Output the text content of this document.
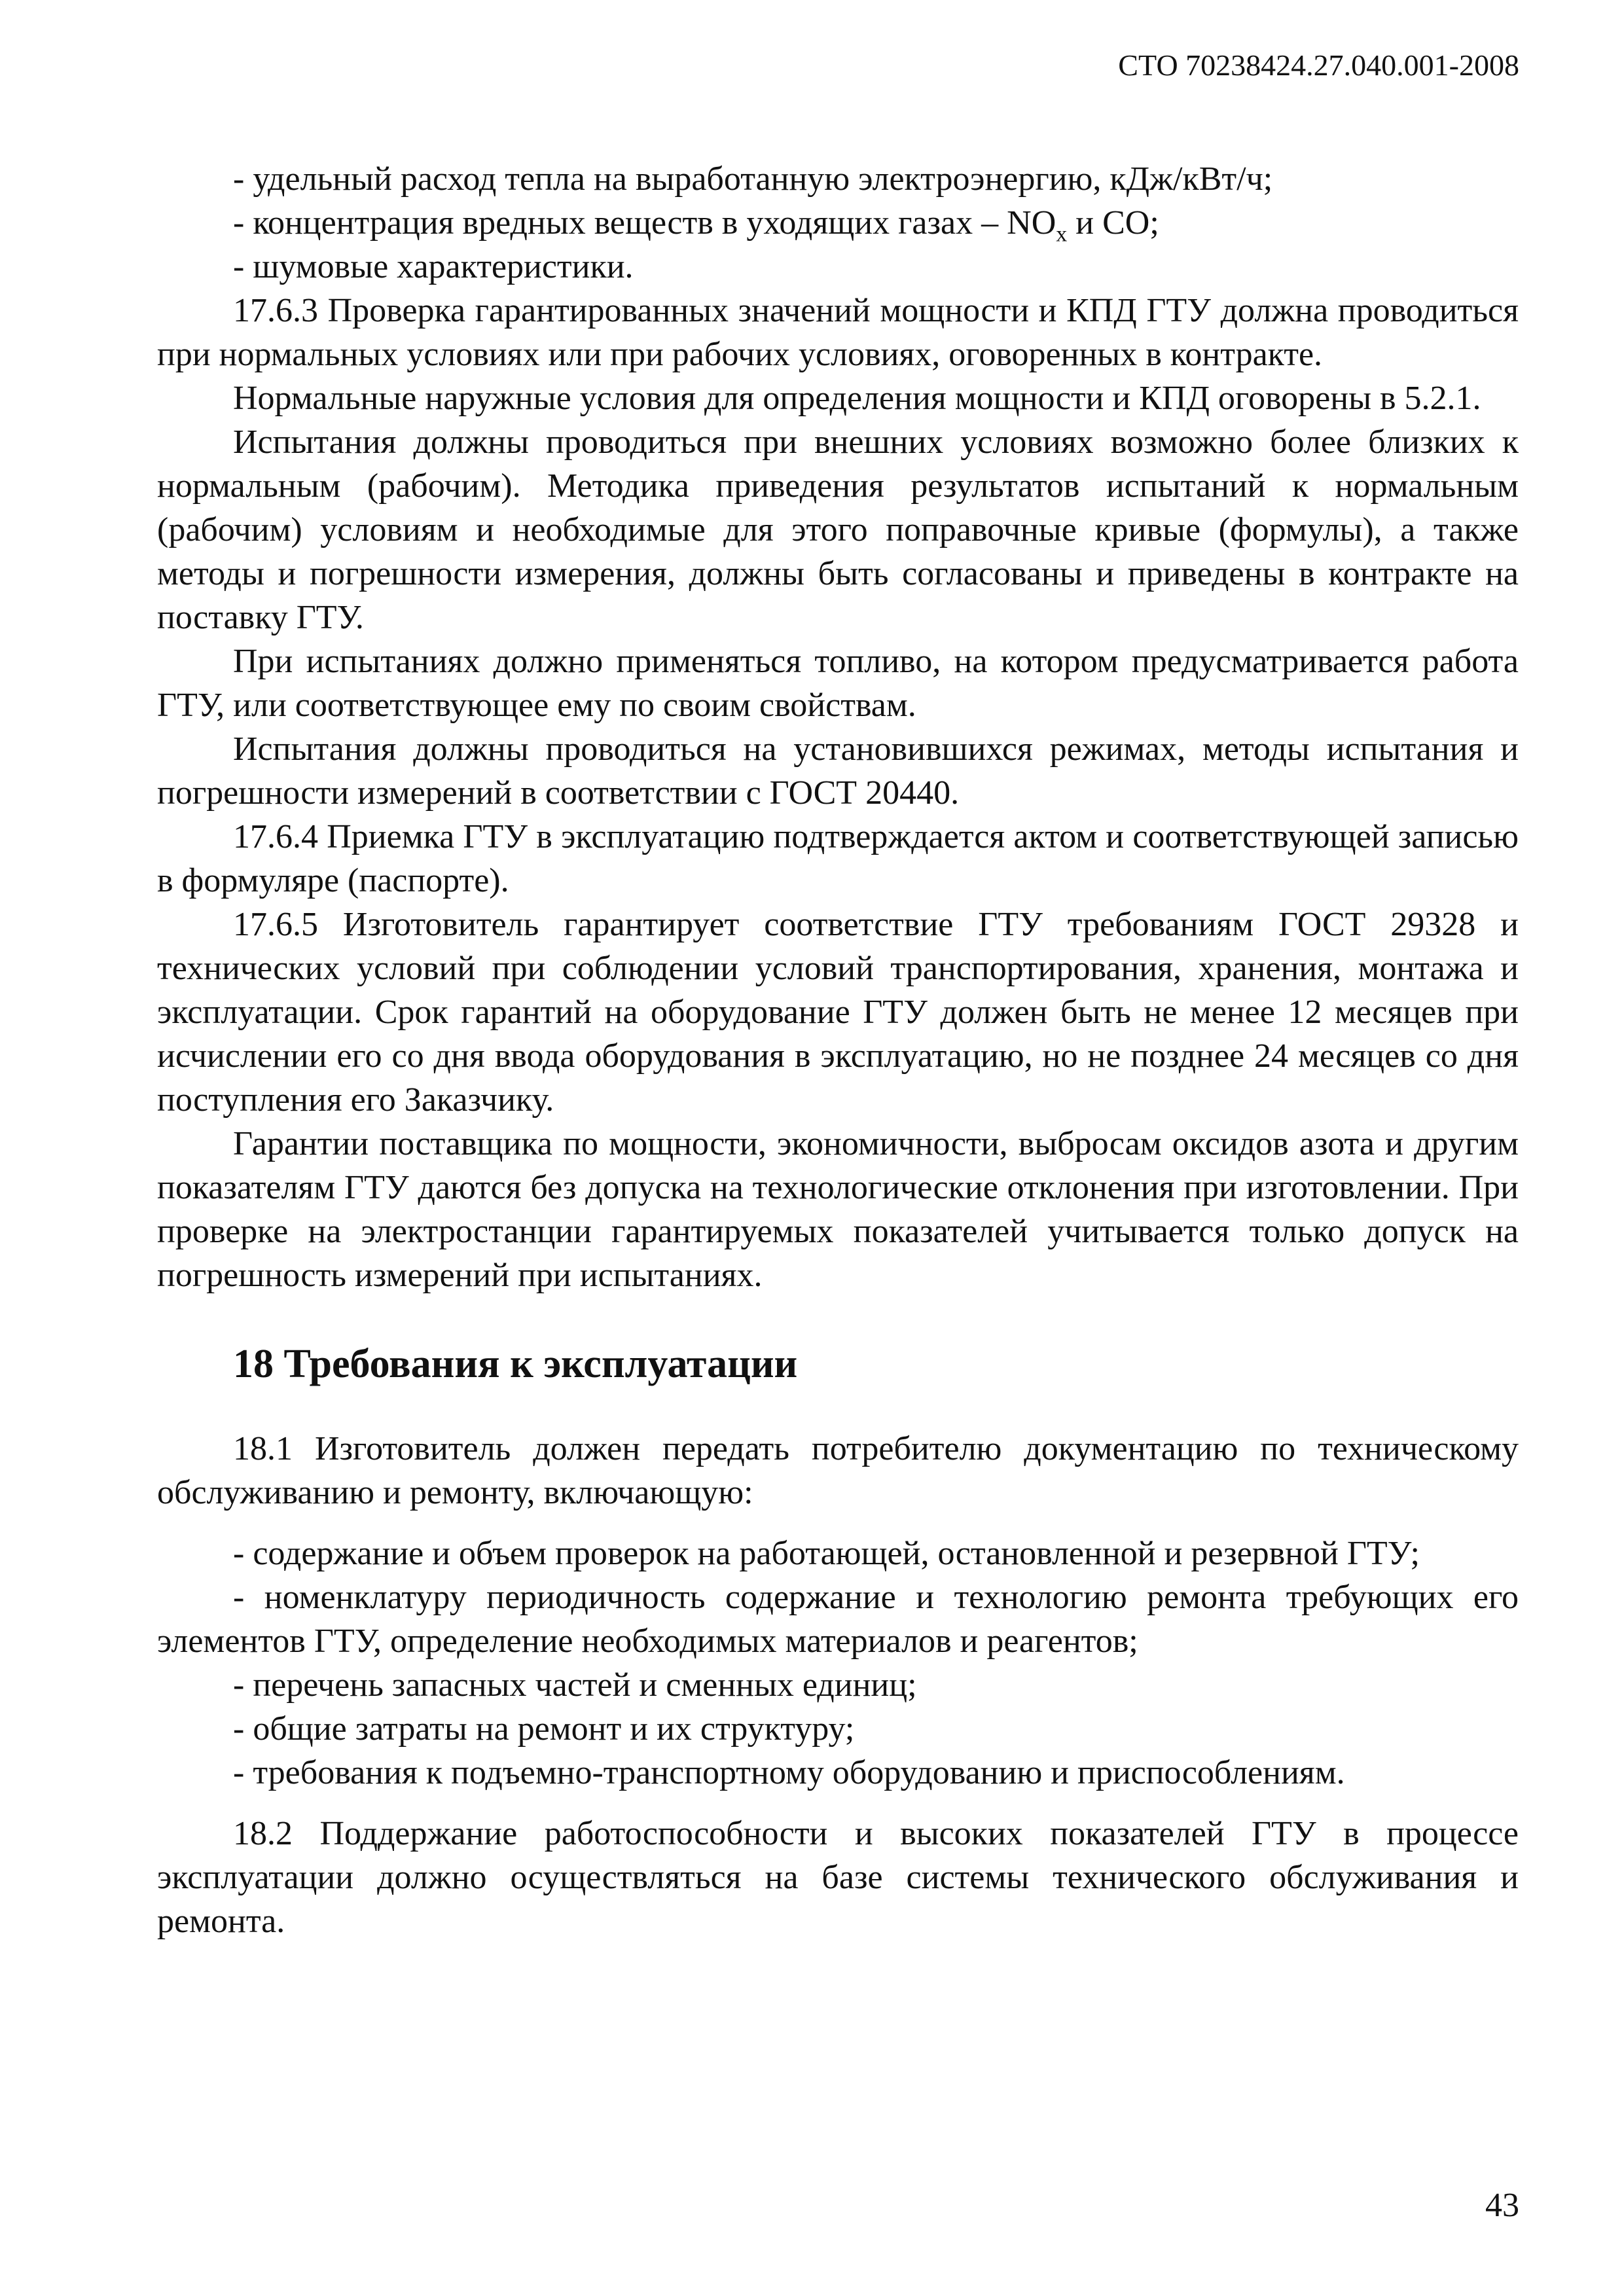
СТО 70238424.27.040.001-2008

- удельный расход тепла на выработанную электроэнергию, кДж/кВт/ч;

- концентрация вредных веществ в уходящих газах – $NO_x$ и CO;

- шумовые характеристики.

17.6.3 Проверка гарантированных значений мощности и КПД ГТУ должна проводиться при нормальных условиях или при рабочих условиях, оговоренных в контракте.

Нормальные наружные условия для определения мощности и КПД оговорены в 5.2.1.

Испытания должны проводиться при внешних условиях возможно более близких к нормальным (рабочим). Методика приведения результатов испытаний к нормальным (рабочим) условиям и необходимые для этого поправочные кривые (формулы), а также методы и погрешности измерения, должны быть согласованы и приведены в контракте на поставку ГТУ.

При испытаниях должно применяться топливо, на котором предусматривается работа ГТУ, или соответствующее ему по своим свойствам.

Испытания должны проводиться на установившихся режимах, методы испытания и погрешности измерений в соответствии с ГОСТ 20440.

17.6.4 Приемка ГТУ в эксплуатацию подтверждается актом и соответствующей записью в формуляре (паспорте).

17.6.5 Изготовитель гарантирует соответствие ГТУ требованиям ГОСТ 29328 и технических условий при соблюдении условий транспортирования, хранения, монтажа и эксплуатации. Срок гарантий на оборудование ГТУ должен быть не менее 12 месяцев при исчислении его со дня ввода оборудования в эксплуатацию, но не позднее 24 месяцев со дня поступления его Заказчику.

Гарантии поставщика по мощности, экономичности, выбросам оксидов азота и другим показателям ГТУ даются без допуска на технологические отклонения при изготовлении. При проверке на электростанции гарантируемых показателей учитывается только допуск на погрешность измерений при испытаниях.

18 Требования к эксплуатации

18.1 Изготовитель должен передать потребителю документацию по техническому обслуживанию и ремонту, включающую:

- содержание и объем проверок на работающей, остановленной и резервной ГТУ;

- номенклатуру периодичность содержание и технологию ремонта требующих его элементов ГТУ, определение необходимых материалов и реагентов;

- перечень запасных частей и сменных единиц;

- общие затраты на ремонт и их структуру;

- требования к подъемно-транспортному оборудованию и приспособлениям.

18.2 Поддержание работоспособности и высоких показателей ГТУ в процессе эксплуатации должно осуществляться на базе системы технического обслуживания и ремонта.

43
